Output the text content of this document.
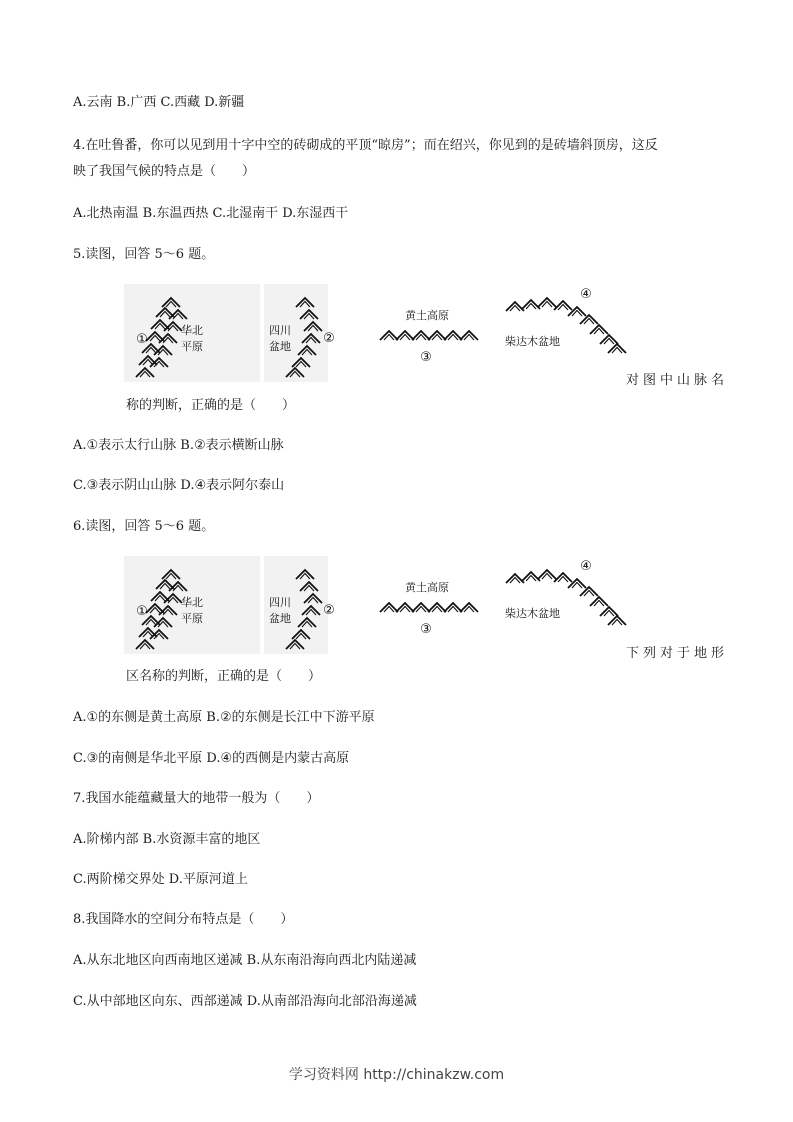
A.云南 B.广西 C.西藏 D.新疆
4.在吐鲁番，你可以见到用十字中空的砖砌成的平顶“晾房”；而在绍兴，你见到的是砖墙斜顶房，这反
映了我国气候的特点是（　　）
A.北热南温 B.东温西热 C.北湿南干 D.东湿西干
5.读图，回答 5～6 题。
①	②
③
④
华北
平原
四川
盆地
黄土高原
柴达木盆地
对图中山脉名
称的判断，正确的是（　　）
A.①表示太行山脉 B.②表示横断山脉
C.③表示阴山山脉 D.④表示阿尔泰山
6.读图，回答 5～6 题。
①	②
③
④
华北
平原
四川
盆地
黄土高原
柴达木盆地
下列对于地形
区名称的判断，正确的是（　　）
A.①的东侧是黄土高原 B.②的东侧是长江中下游平原
C.③的南侧是华北平原 D.④的西侧是内蒙古高原
7.我国水能蕴藏量大的地带一般为（　　）
A.阶梯内部 B.水资源丰富的地区
C.两阶梯交界处 D.平原河道上
8.我国降水的空间分布特点是（　　）
A.从东北地区向西南地区递减 B.从东南沿海向西北内陆递减
C.从中部地区向东、西部递减 D.从南部沿海向北部沿海递减
学习资料网 http://chinakzw.com
